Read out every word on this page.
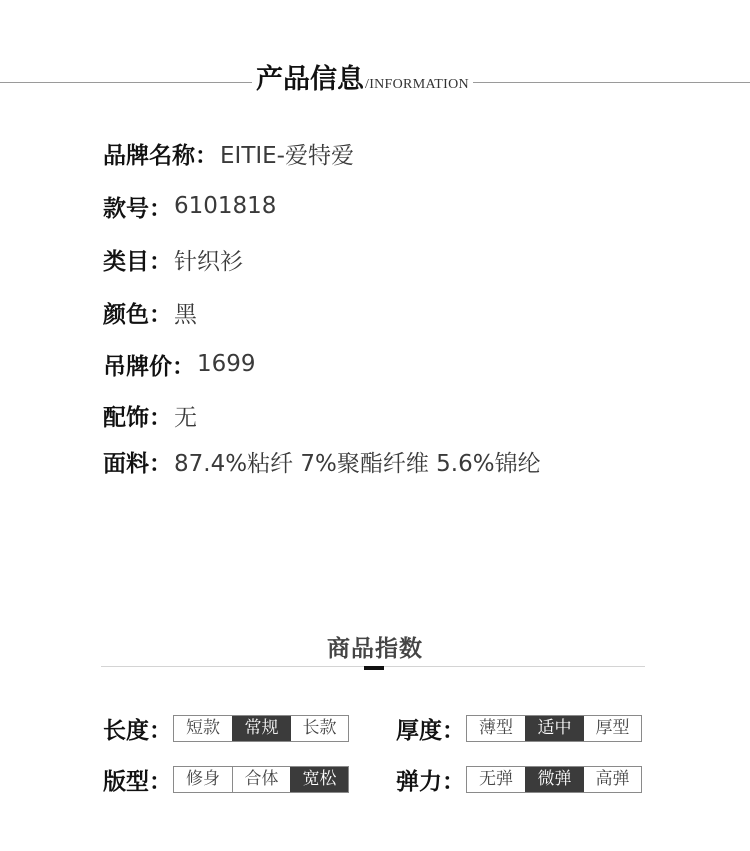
产品信息 /INFORMATION
品牌名称： EITIE-爱特爱
款号： 6101818
类目： 针织衫
颜色： 黑
吊牌价： 1699
配饰： 无
面料： 87.4%粘纤 7%聚酯纤维 5.6%锦纶
商品指数
长度： 短款	常规	长款	厚度： 薄型	适中	厚型
版型： 修身	合体	宽松	弹力： 无弹	微弹	高弹
